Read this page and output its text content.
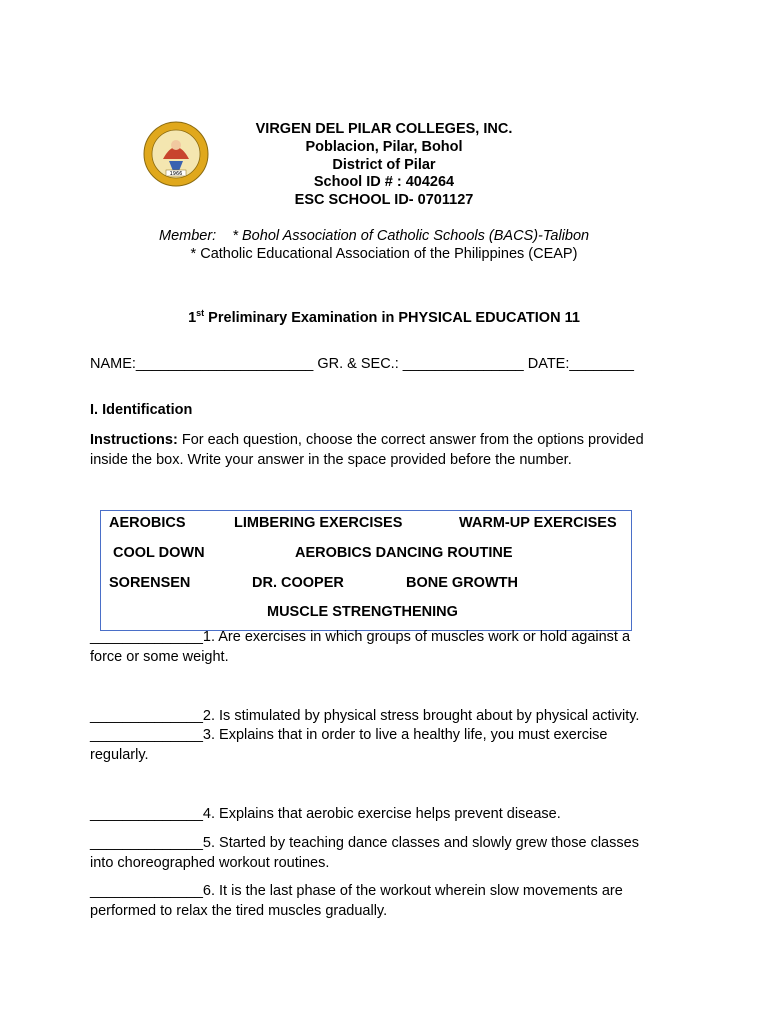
1966
VIRGEN DEL PILAR COLLEGES, INC.
Poblacion, Pilar, Bohol
District of Pilar
School ID # : 404264
ESC SCHOOL ID- 0701127
Member: * Bohol Association of Catholic Schools (BACS)-Talibon
* Catholic Educational Association of the Philippines (CEAP)
1st Preliminary Examination in PHYSICAL EDUCATION 11
NAME:______________________ GR. & SEC.: _______________ DATE:________
I. Identification
Instructions: For each question, choose the correct answer from the options provided inside the box. Write your answer in the space provided before the number.
AEROBICS	LIMBERING EXERCISES	WARM-UP EXERCISES
COOL DOWN	AEROBICS DANCING ROUTINE
SORENSEN	DR. COOPER	BONE GROWTH
MUSCLE STRENGTHENING
______________1. Are exercises in which groups of muscles work or hold against a
force or some weight.
______________2. Is stimulated by physical stress brought about by physical activity.
______________3. Explains that in order to live a healthy life, you must exercise
regularly.
______________4. Explains that aerobic exercise helps prevent disease.
______________5. Started by teaching dance classes and slowly grew those classes
into choreographed workout routines.
______________6. It is the last phase of the workout wherein slow movements are
performed to relax the tired muscles gradually.
